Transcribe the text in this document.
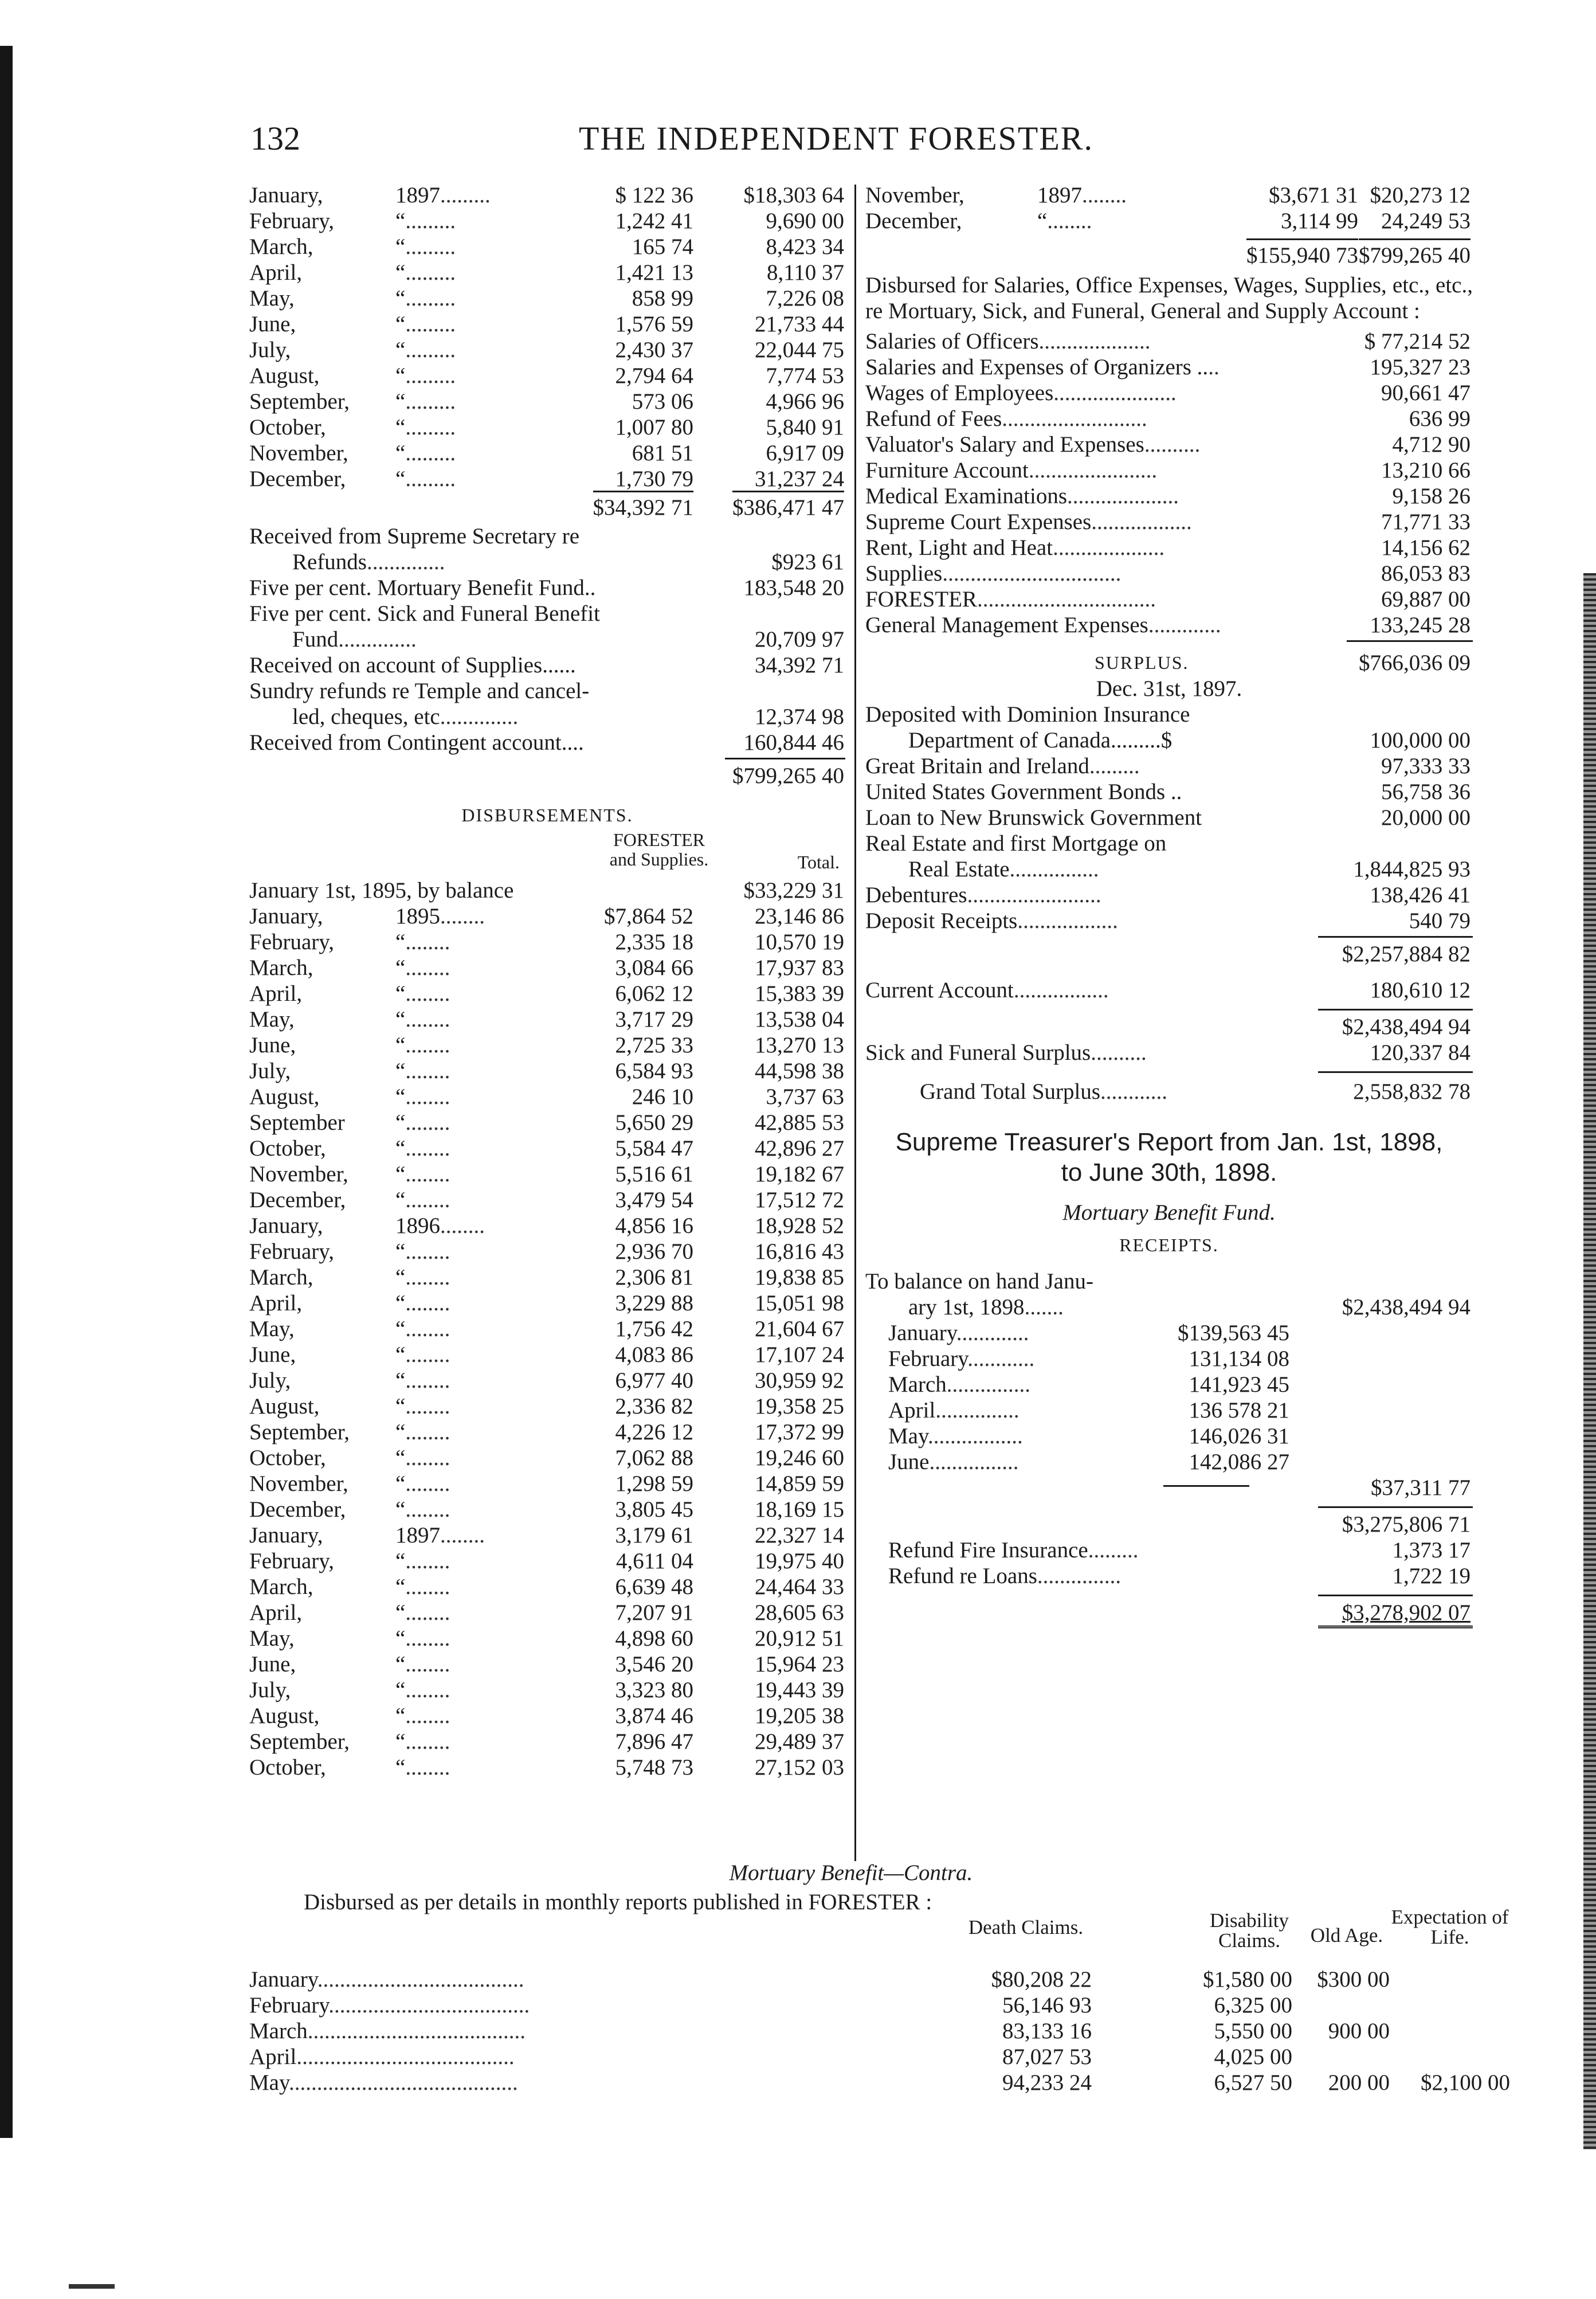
132	THE INDEPENDENT FORESTER.
January,	1897.........	$ 122 36 $18,303 64
February,	“.........	1,242 41	9,690 00
March,	“.........	165 74	8,423 34
April,	“.........	1,421 13	8,110 37
May,	“.........	858 99	7,226 08
June,	“.........	1,576 59	21,733 44
July,	“.........	2,430 37	22,044 75
August,	“.........	2,794 64	7,774 53
September, “.........	573 06	4,966 96
October,	“.........	1,007 80	5,840 91
November, “.........	681 51	6,917 09
December, “.........	1,730 79	31,237 24
$34,392 71 $386,471 47
Received from Supreme Secretary re
Refunds..............	$923 61
Five per cent. Mortuary Benefit Fund..	183,548 20
Five per cent. Sick and Funeral Benefit
Fund..............	20,709 97
Received on account of Supplies......	34,392 71
Sundry refunds re Temple and cancel-
led, cheques, etc..............	12,374 98
Received from Contingent account....	160,844 46
$799,265 40
DISBURSEMENTS.
FORESTER and Supplies.	Total.
January 1st, 1895, by balance	$33,229 31
January,	1895........	$7,864 52	23,146 86
February,	“........	2,335 18	10,570 19
March,	“........	3,084 66	17,937 83
April,	“........	6,062 12	15,383 39
May,	“........	3,717 29	13,538 04
June,	“........	2,725 33	13,270 13
July,	“........	6,584 93	44,598 38
August,	“........	246 10	3,737 63
September “........	5,650 29	42,885 53
October,	“........	5,584 47	42,896 27
November, “........	5,516 61	19,182 67
December, “........	3,479 54	17,512 72
January,	1896........	4,856 16	18,928 52
February,	“........	2,936 70	16,816 43
March,	“........	2,306 81	19,838 85
April,	“........	3,229 88	15,051 98
May,	“........	1,756 42	21,604 67
June,	“........	4,083 86	17,107 24
July,	“........	6,977 40	30,959 92
August,	“........	2,336 82	19,358 25
September, “........	4,226 12	17,372 99
October,	“........	7,062 88	19,246 60
November, “........	1,298 59	14,859 59
December, “........	3,805 45	18,169 15
January,	1897........	3,179 61	22,327 14
February,	“........	4,611 04	19,975 40
March,	“........	6,639 48	24,464 33
April,	“........	7,207 91	28,605 63
May,	“........	4,898 60	20,912 51
June,	“........	3,546 20	15,964 23
July,	“........	3,323 80	19,443 39
August,	“........	3,874 46	19,205 38
September, “........	7,896 47	29,489 37
October,	“........	5,748 73	27,152 03
November,	1897........	$3,671 31 $20,273 12
December,	“........	3,114 99 24,249 53
$155,940 73 $799,265 40
Disbursed for Salaries, Office Expenses, Wages, Supplies, etc., etc., re Mortuary, Sick, and Funeral, General and Supply Account :
Salaries of Officers....................	$ 77,214 52
Salaries and Expenses of Organizers ....	195,327 23
Wages of Employees......................	90,661 47
Refund of Fees..........................	636 99
Valuator's Salary and Expenses..........	4,712 90
Furniture Account.......................	13,210 66
Medical Examinations....................	9,158 26
Supreme Court Expenses..................	71,771 33
Rent, Light and Heat....................	14,156 62
Supplies................................	86,053 83
FORESTER................................	69,887 00
General Management Expenses.............	133,245 28
SURPLUS.	$766,036 09
Dec. 31st, 1897.
Deposited with Dominion Insurance
Department of Canada.........$	100,000 00
Great Britain and Ireland.........	97,333 33
United States Government Bonds ..	56,758 36
Loan to New Brunswick Government	20,000 00
Real Estate and first Mortgage on
Real Estate................	1,844,825 93
Debentures........................	138,426 41
Deposit Receipts..................	540 79
$2,257,884 82
Current Account.................	180,610 12
$2,438,494 94
Sick and Funeral Surplus..........	120,337 84
Grand Total Surplus............	2,558,832 78
Supreme Treasurer's Report from Jan. 1st, 1898,
to June 30th, 1898.
Mortuary Benefit Fund.
RECEIPTS.
To balance on hand Janu-
ary 1st, 1898.......	$2,438,494 94
January.............	$139,563 45
February............	131,134 08
March...............	141,923 45
April...............	136 578 21
May.................	146,026 31
June................	142,086 27
$37,311 77
$3,275,806 71
Refund Fire Insurance.........	1,373 17
Refund re Loans...............	1,722 19
$3,278,902 07
Mortuary Benefit—Contra.
Disbursed as per details in monthly reports published in FORESTER :
Death Claims.	Disability Claims.	Old Age.
Expectation of Life.
January.....................................	$80,208 22	$1,580 00	$300 00
February....................................	56,146 93	6,325 00
March.......................................	83,133 16	5,550 00	900 00
April.......................................	87,027 53	4,025 00
May.........................................	94,233 24	6,527 50	200 00	$2,100 00
